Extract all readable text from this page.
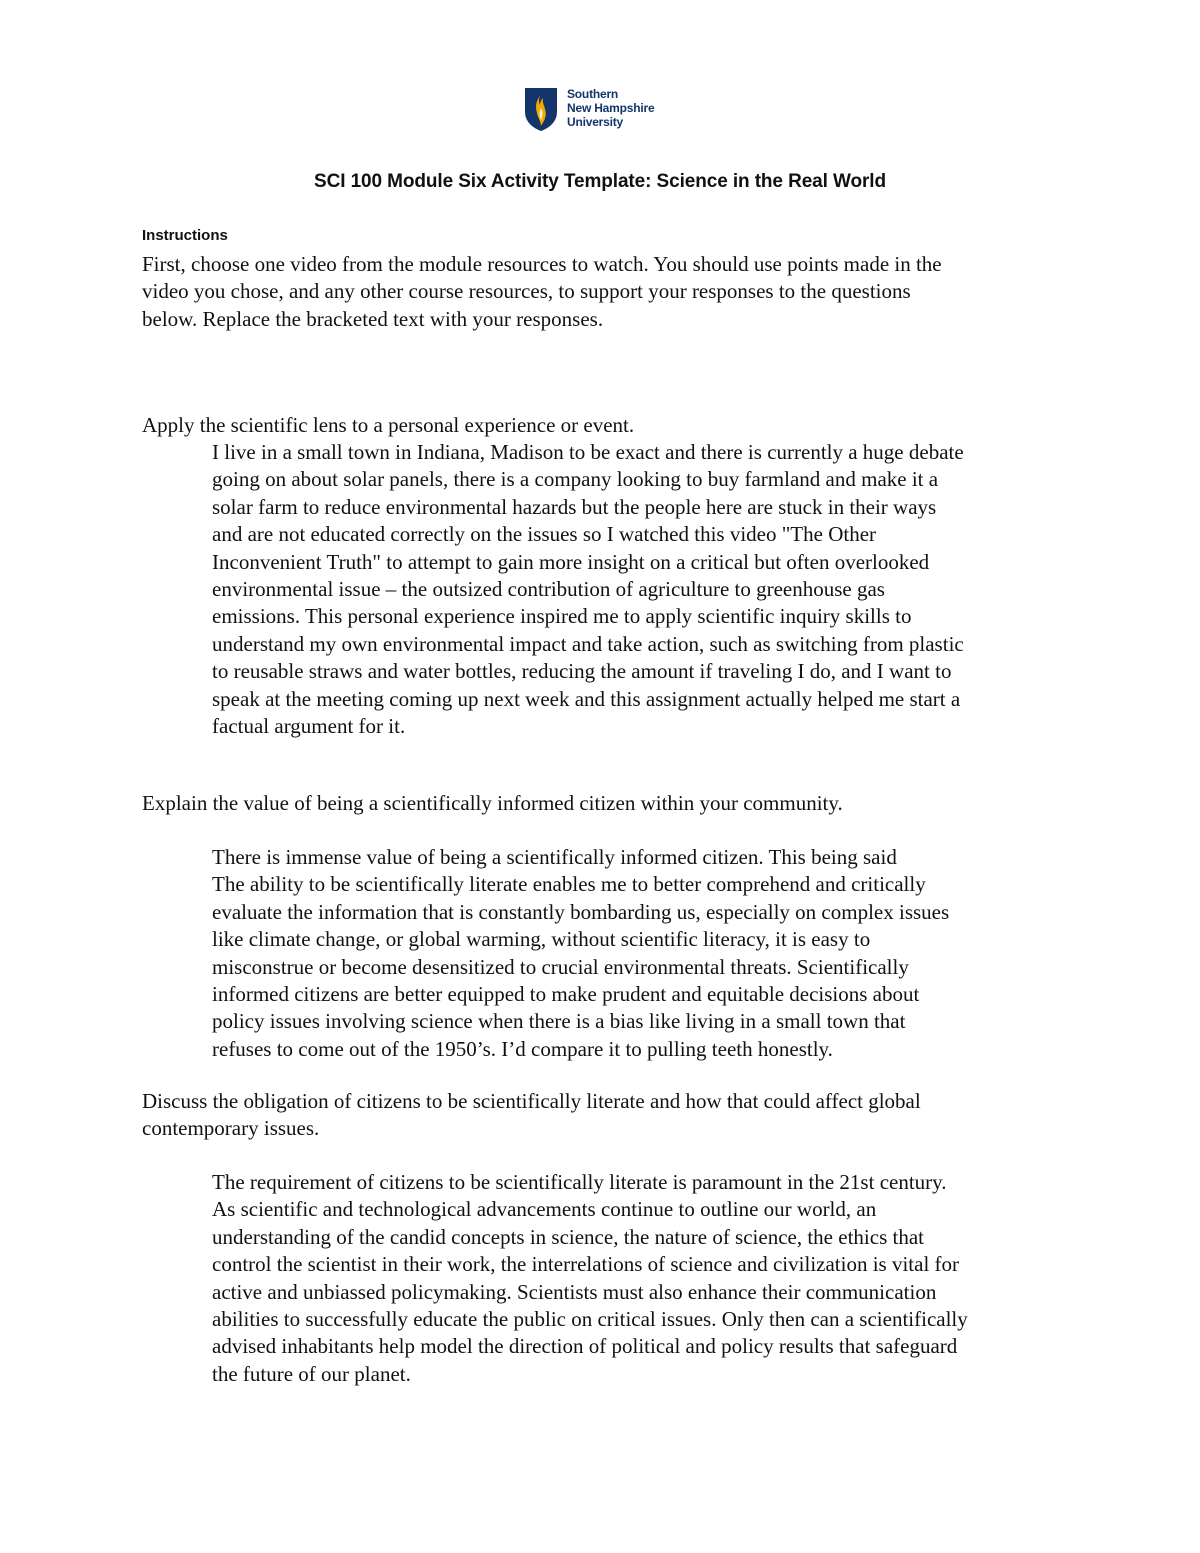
Southern
New Hampshire
University
SCI 100 Module Six Activity Template: Science in the Real World
Instructions
First, choose one video from the module resources to watch. You should use points made in the
video you chose, and any other course resources, to support your responses to the questions
below. Replace the bracketed text with your responses.
Apply the scientific lens to a personal experience or event.
I live in a small town in Indiana, Madison to be exact and there is currently a huge debate
going on about solar panels, there is a company looking to buy farmland and make it a
solar farm to reduce environmental hazards but the people here are stuck in their ways
and are not educated correctly on the issues so I watched this video "The Other
Inconvenient Truth" to attempt to gain more insight on a critical but often overlooked
environmental issue – the outsized contribution of agriculture to greenhouse gas
emissions. This personal experience inspired me to apply scientific inquiry skills to
understand my own environmental impact and take action, such as switching from plastic
to reusable straws and water bottles, reducing the amount if traveling I do, and I want to
speak at the meeting coming up next week and this assignment actually helped me start a
factual argument for it.
Explain the value of being a scientifically informed citizen within your community.
There is immense value of being a scientifically informed citizen. This being said
The ability to be scientifically literate enables me to better comprehend and critically
evaluate the information that is constantly bombarding us, especially on complex issues
like climate change, or global warming, without scientific literacy, it is easy to
misconstrue or become desensitized to crucial environmental threats. Scientifically
informed citizens are better equipped to make prudent and equitable decisions about
policy issues involving science when there is a bias like living in a small town that
refuses to come out of the 1950’s. I’d compare it to pulling teeth honestly.
Discuss the obligation of citizens to be scientifically literate and how that could affect global
contemporary issues.
The requirement of citizens to be scientifically literate is paramount in the 21st century.
As scientific and technological advancements continue to outline our world, an
understanding of the candid concepts in science, the nature of science, the ethics that
control the scientist in their work, the interrelations of science and civilization is vital for
active and unbiassed policymaking. Scientists must also enhance their communication
abilities to successfully educate the public on critical issues. Only then can a scientifically
advised inhabitants help model the direction of political and policy results that safeguard
the future of our planet.
